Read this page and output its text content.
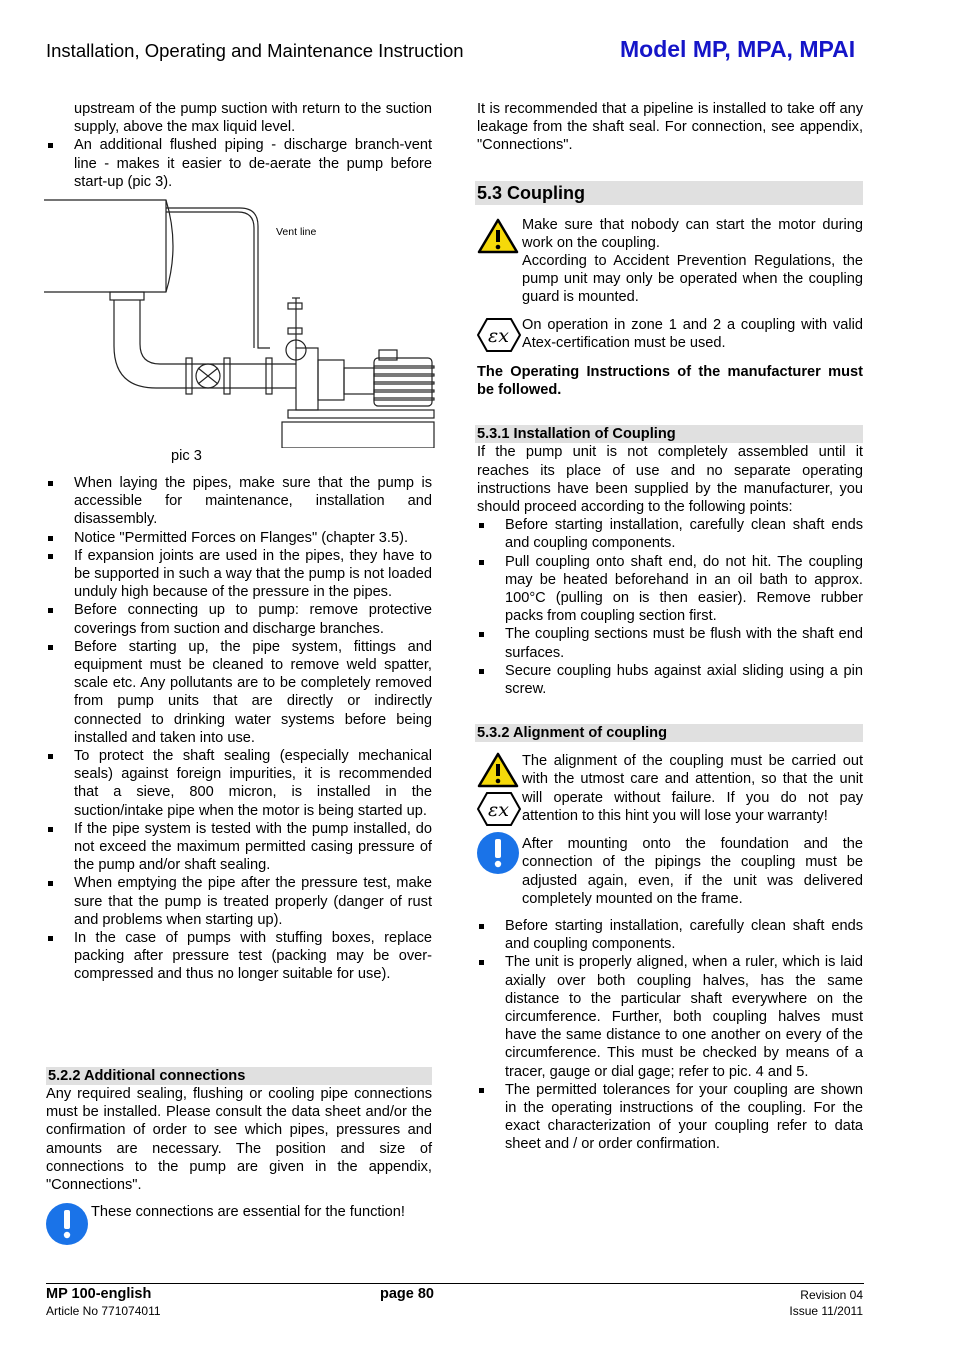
Installation, Operating and Maintenance Instruction	Model MP, MPA, MPAI
upstream of the pump suction with return to the suction supply, above the max liquid level.
An additional flushed piping - discharge branch-vent line - makes it easier to de-aerate the pump before start-up (pic 3).
Vent line
pic 3
When laying the pipes, make sure that the pump is accessible for maintenance, installation and disassembly.
Notice "Permitted Forces on Flanges" (chapter 3.5).
If expansion joints are used in the pipes, they have to be supported in such a way that the pump is not loaded unduly high because of the pressure in the pipes.
Before connecting up to pump: remove protective coverings from suction and discharge branches.
Before starting up, the pipe system, fittings and equipment must be cleaned to remove weld spatter, scale etc. Any pollutants are to be completely removed from pump units that are directly or indirectly connected to drinking water systems before being installed and taken into use.
To protect the shaft sealing (especially mechanical seals) against foreign impurities, it is recommended that a sieve, 800 micron, is installed in the suction/intake pipe when the motor is being started up.
If the pipe system is tested with the pump installed, do not exceed the maximum permitted casing pressure of the pump and/or shaft sealing.
When emptying the pipe after the pressure test, make sure that the pump is treated properly (danger of rust and problems when starting up).
In the case of pumps with stuffing boxes, replace packing after pressure test (packing may be over-compressed and thus no longer suitable for use).
5.2.2 Additional connections
Any required sealing, flushing or cooling pipe connections must be installed. Please consult the data sheet and/or the confirmation of order to see which pipes, pressures and amounts are necessary. The position and size of connections to the pump are given in the appendix, "Connections".
These connections are essential for the function!
It is recommended that a pipeline is installed to take off any leakage from the shaft seal. For connection, see appendix, "Connections".
5.3 Coupling
Make sure that nobody can start the motor during work on the coupling.
According to Accident Prevention Regulations, the pump unit may only be operated when the coupling guard is mounted.
εx On operation in zone 1 and 2 a coupling with valid Atex-certification must be used.
The Operating Instructions of the manufacturer must be followed.
5.3.1 Installation of Coupling
If the pump unit is not completely assembled until it reaches its place of use and no separate operating instructions have been supplied by the manufacturer, you should proceed according to the following points:
Before starting installation, carefully clean shaft ends and coupling components.
Pull coupling onto shaft end, do not hit. The coupling may be heated beforehand in an oil bath to approx. 100°C (pulling on is then easier). Remove rubber packs from coupling section first.
The coupling sections must be flush with the shaft end surfaces.
Secure coupling hubs against axial sliding using a pin screw.
5.3.2 Alignment of coupling
εx
The alignment of the coupling must be carried out with the utmost care and attention, so that the unit will operate without failure. If you do not pay attention to this hint you will lose your warranty!
After mounting onto the foundation and the connection of the pipings the coupling must be adjusted again, even, if the unit was delivered completely mounted on the frame.
Before starting installation, carefully clean shaft ends and coupling components.
The unit is properly aligned, when a ruler, which is laid axially over both coupling halves, has the same distance to the particular shaft everywhere on the circumference. Further, both coupling halves must have the same distance to one another on every of the circumference. This must be checked by means of a tracer, gauge or dial gage; refer to pic. 4 and 5.
The permitted tolerances for your coupling are shown in the operating instructions of the coupling. For the exact characterization of your coupling refer to data sheet and / or order confirmation.
MP 100-english
Article No 771074011
page 80	Revision 04
Issue 11/2011
